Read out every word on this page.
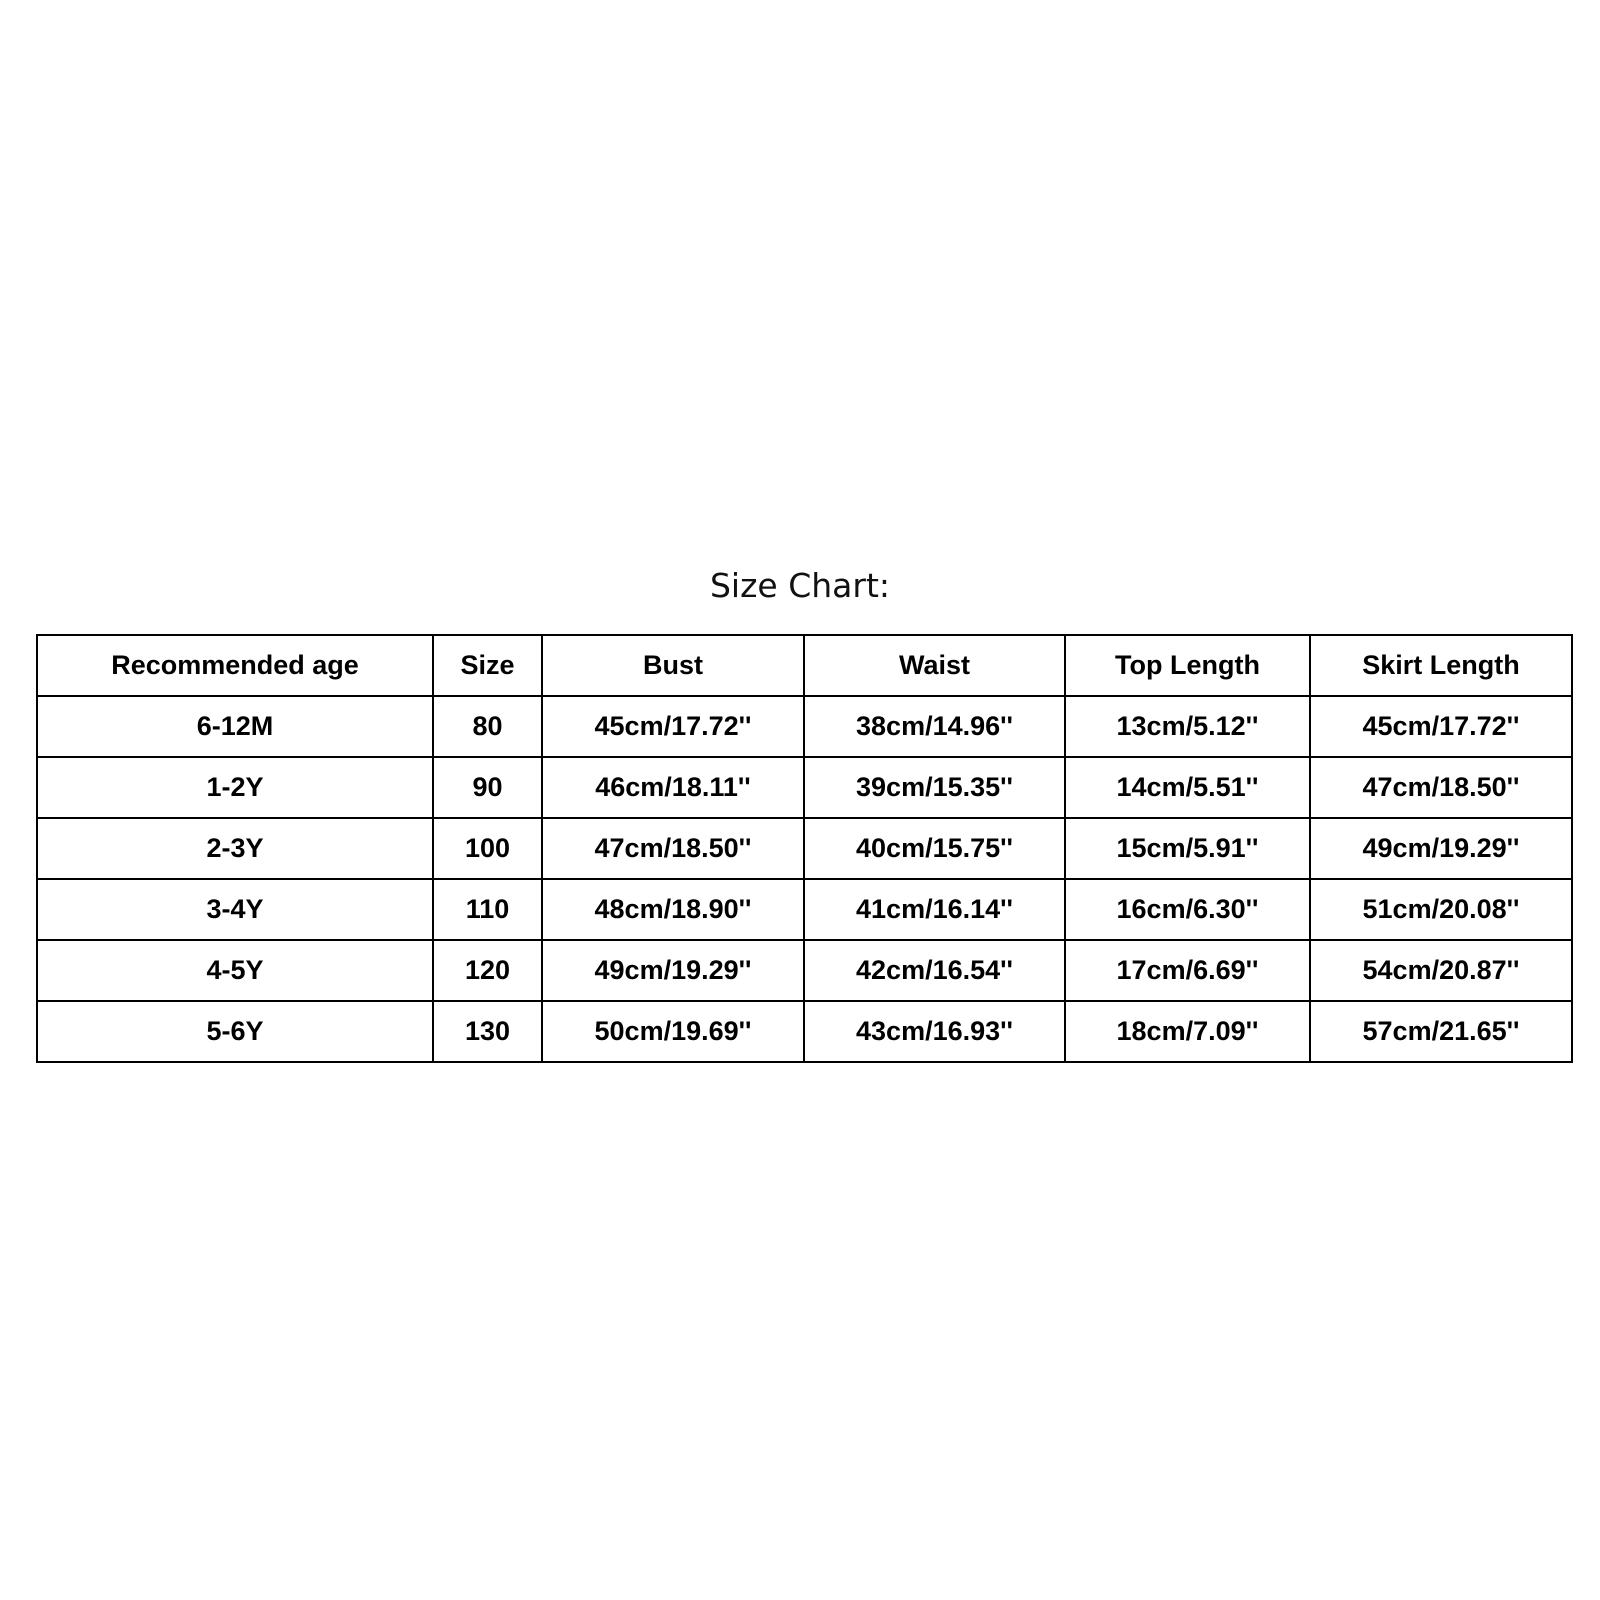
Size Chart:
Recommended age	Size	Bust	Waist	Top Length	Skirt Length
6-12M	80	45cm/17.72''	38cm/14.96''	13cm/5.12''	45cm/17.72''
1-2Y	90	46cm/18.11''	39cm/15.35''	14cm/5.51''	47cm/18.50''
2-3Y	100	47cm/18.50''	40cm/15.75''	15cm/5.91''	49cm/19.29''
3-4Y	110	48cm/18.90''	41cm/16.14''	16cm/6.30''	51cm/20.08''
4-5Y	120	49cm/19.29''	42cm/16.54''	17cm/6.69''	54cm/20.87''
5-6Y	130	50cm/19.69''	43cm/16.93''	18cm/7.09''	57cm/21.65''
